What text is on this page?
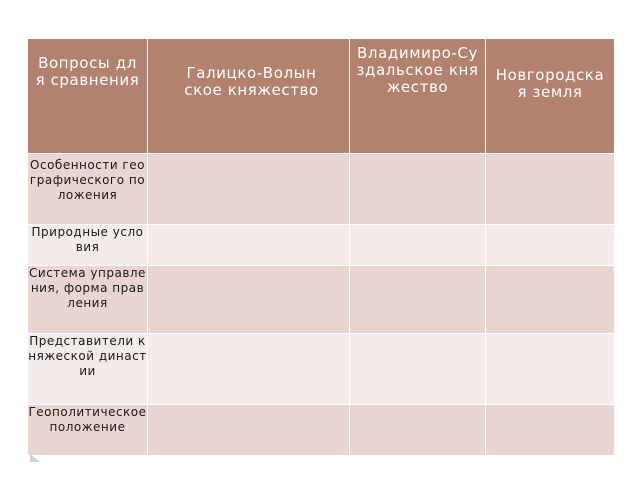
Вопросы для сравнения	Галицко-Волынское княжество	Владимиро-Суздальское княжество	Новгородская земля

Особенности географического положения			
Природные условия			
Система управления, форма правления			
Представители княжеской династии			
Геополитическое положение			
